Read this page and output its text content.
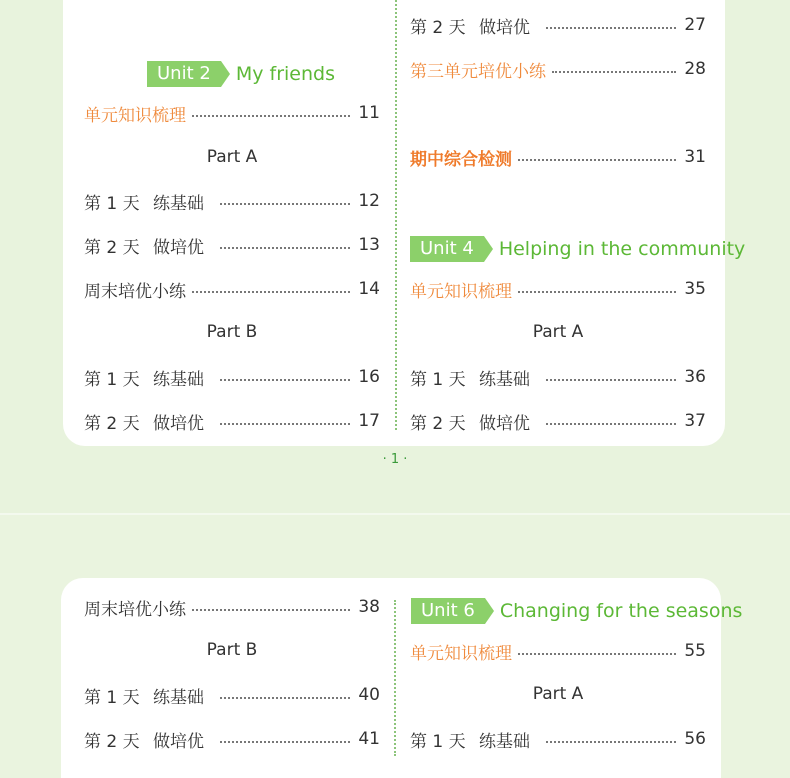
Unit 2	My friends
单元知识梳理	11
Part A
第 1 天 练基础	12
第 2 天 做培优	13
周末培优小练	14
Part B
第 1 天 练基础	16
第 2 天 做培优	17
第 2 天 做培优	27
第三单元培优小练	28
期中综合检测	31
Unit 4	Helping in the community
单元知识梳理	35
Part A
第 1 天 练基础	36
第 2 天 做培优	37
· 1 ·
周末培优小练	38
Part B
第 1 天 练基础	40
第 2 天 做培优	41
Unit 6	Changing for the seasons
单元知识梳理	55
Part A
第 1 天 练基础	56
